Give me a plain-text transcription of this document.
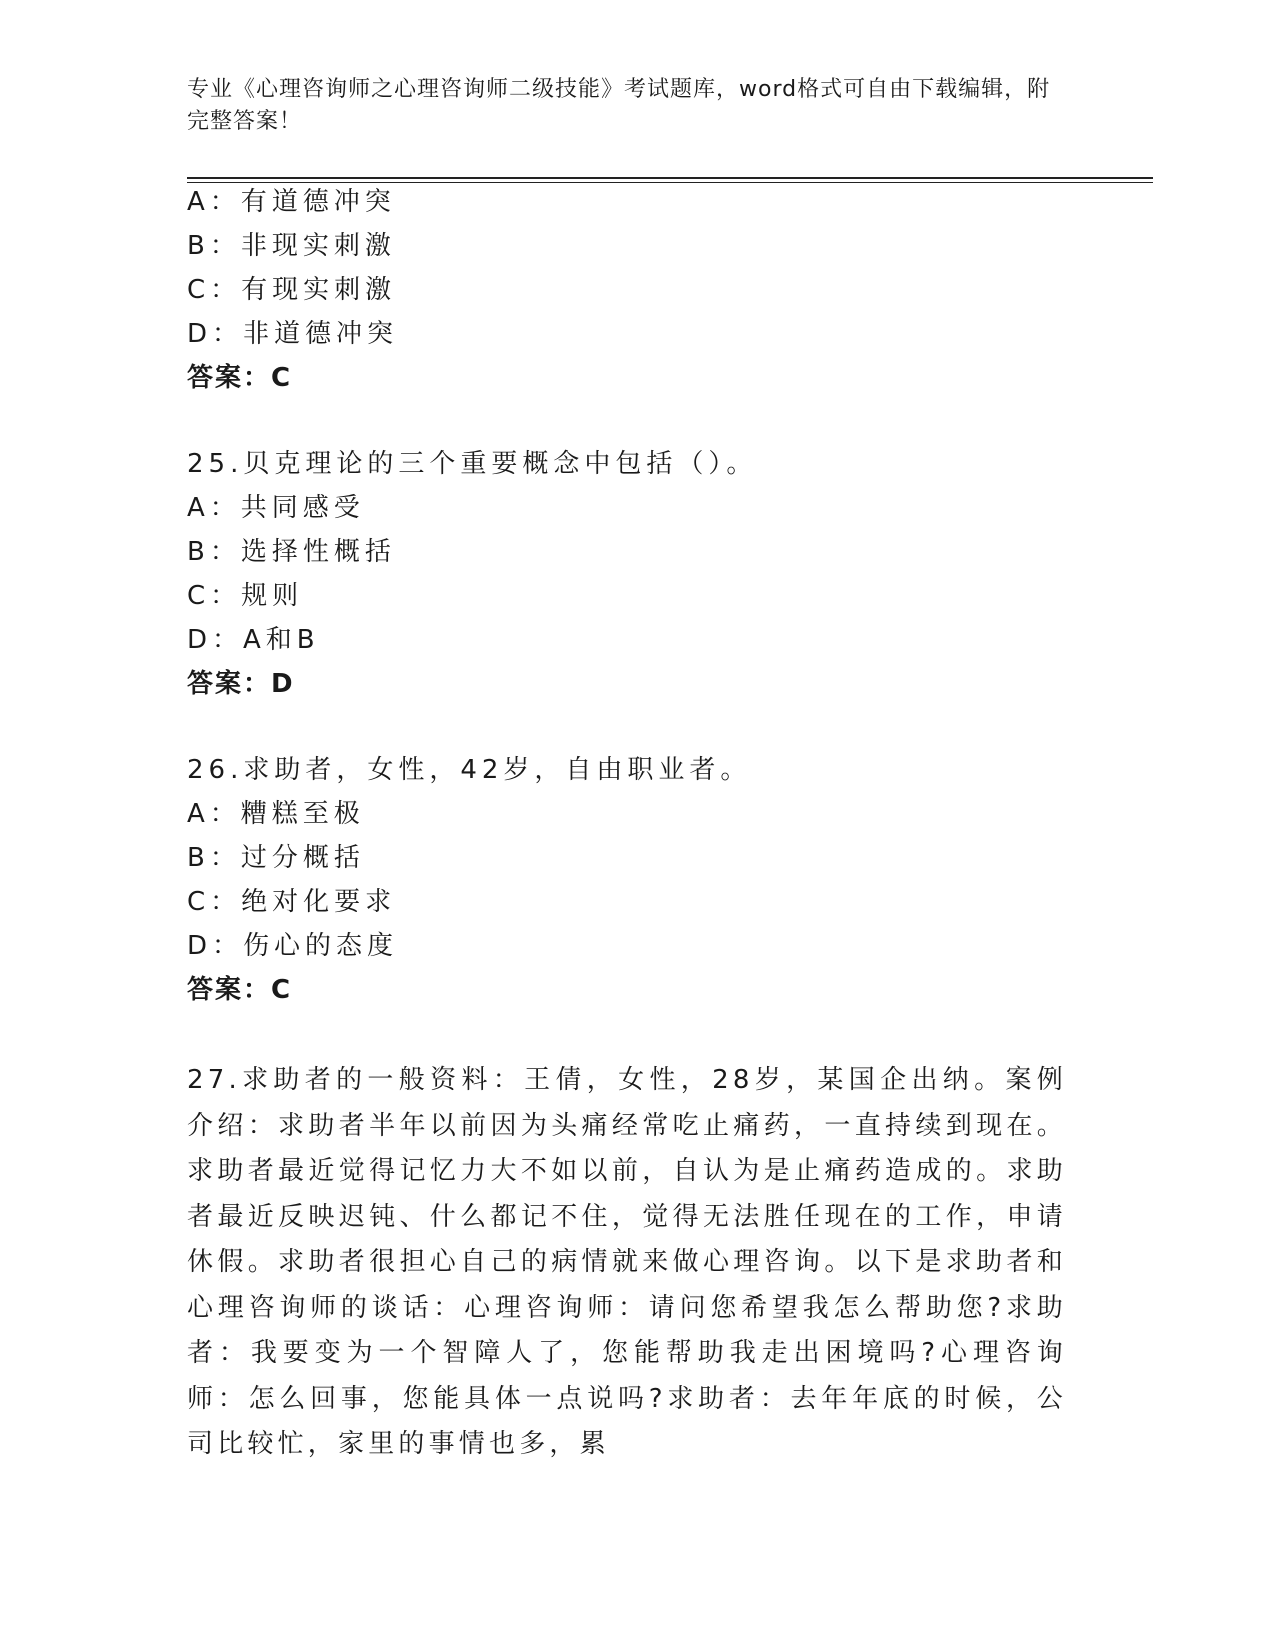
专业《心理咨询师之心理咨询师二级技能》考试题库，word格式可自由下载编辑，附完整答案！
A：有道德冲突
B：非现实刺激
C：有现实刺激
D：非道德冲突
答案：C
25.贝克理论的三个重要概念中包括（）。
A：共同感受
B：选择性概括
C：规则
D：A和B
答案：D
26.求助者，女性，42岁，自由职业者。
A：糟糕至极
B：过分概括
C：绝对化要求
D：伤心的态度
答案：C
27.求助者的一般资料：王倩，女性，28岁，某国企出纳。案例介绍：求助者半年以前因为头痛经常吃止痛药，一直持续到现在。求助者最近觉得记忆力大不如以前，自认为是止痛药造成的。求助者最近反映迟钝、什么都记不住，觉得无法胜任现在的工作，申请休假。求助者很担心自己的病情就来做心理咨询。以下是求助者和心理咨询师的谈话：心理咨询师：请问您希望我怎么帮助您?求助者：我要变为一个智障人了，您能帮助我走出困境吗?心理咨询师：怎么回事，您能具体一点说吗?求助者：去年年底的时候，公司比较忙，家里的事情也多，累
